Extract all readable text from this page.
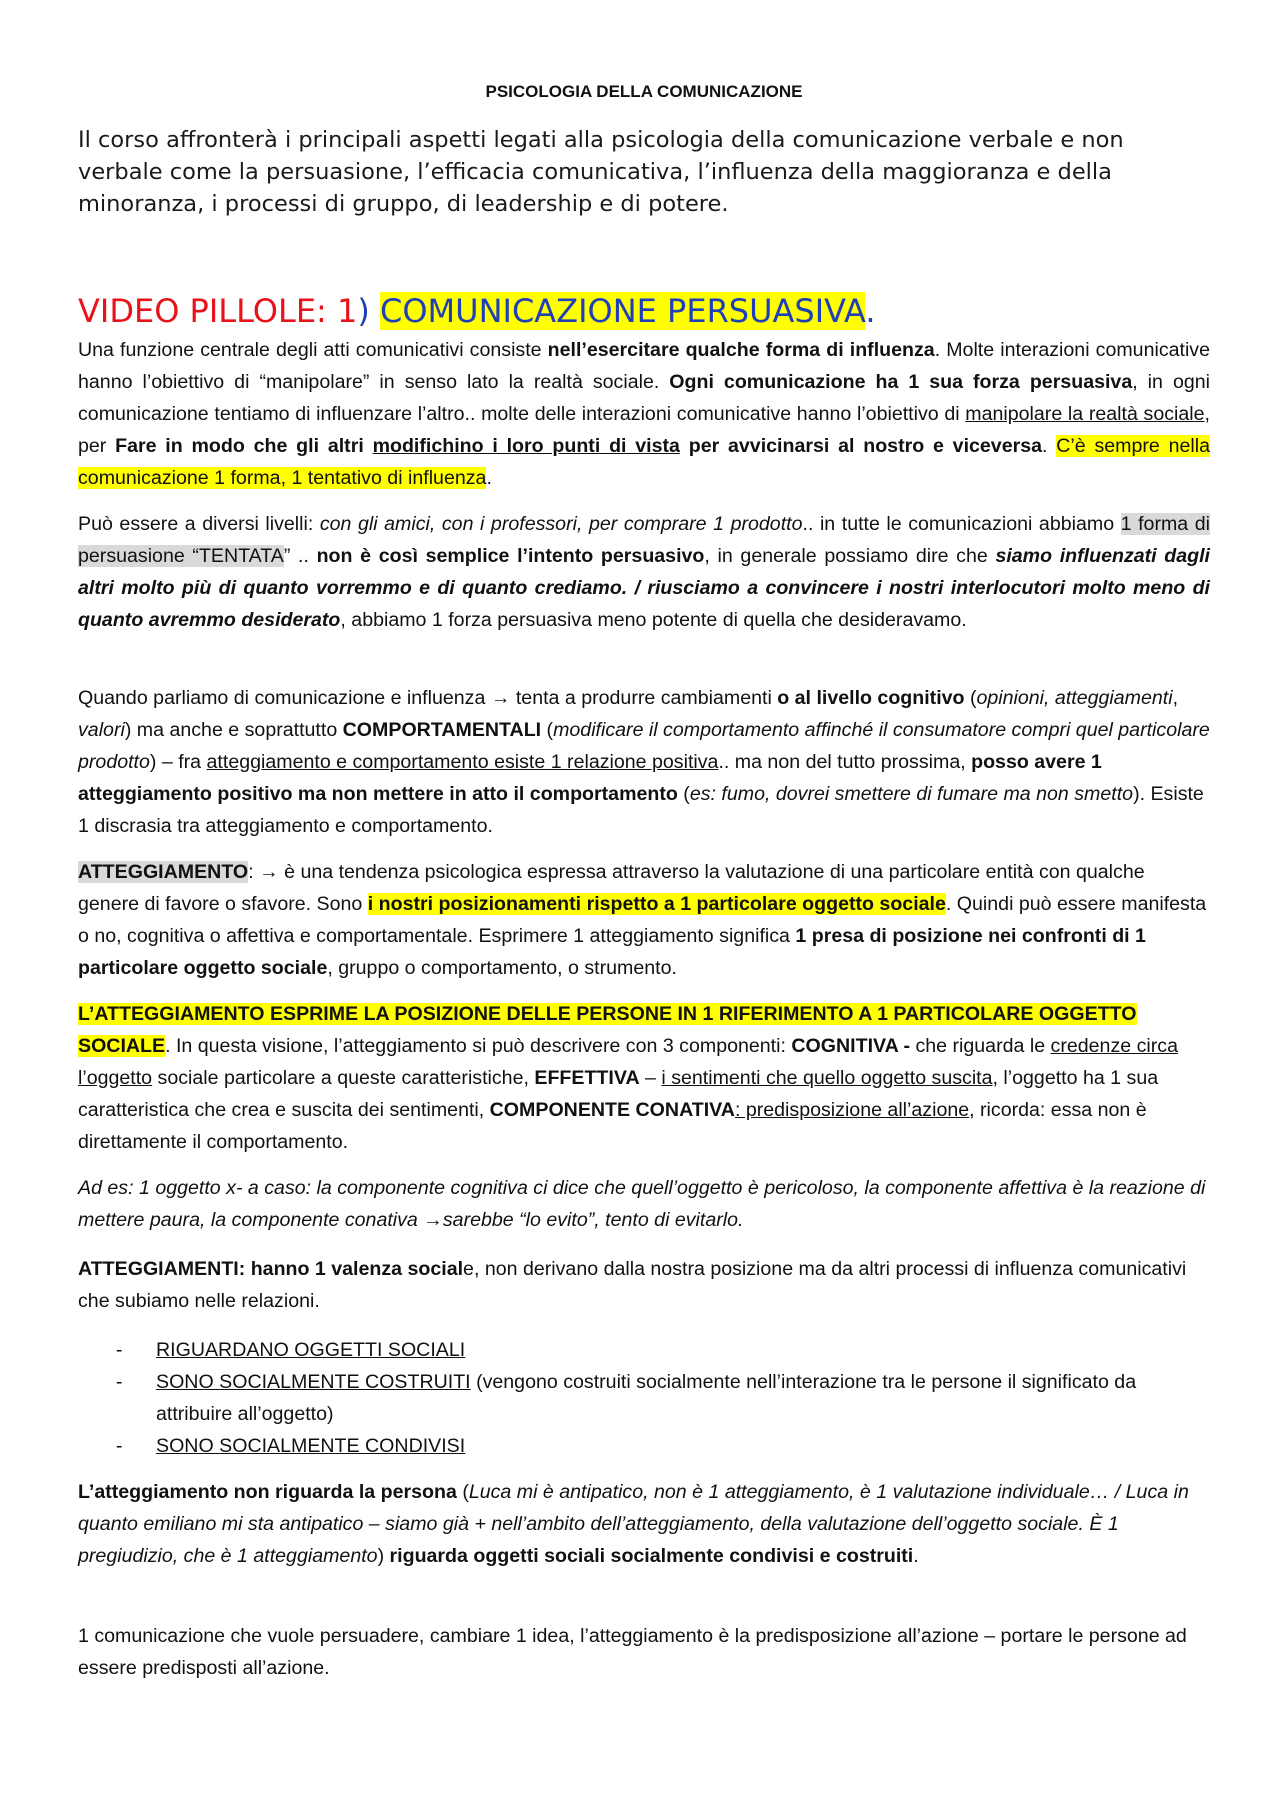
PSICOLOGIA DELLA COMUNICAZIONE
Il corso affronterà i principali aspetti legati alla psicologia della comunicazione verbale e non verbale come la persuasione, l’efficacia comunicativa, l’influenza della maggioranza e della minoranza, i processi di gruppo, di leadership e di potere.
VIDEO PILLOLE: 1) COMUNICAZIONE PERSUASIVA.

Una funzione centrale degli atti comunicativi consiste nell’esercitare qualche forma di influenza. Molte interazioni comunicative hanno l’obiettivo di “manipolare” in senso lato la realtà sociale. Ogni comunicazione ha 1 sua forza persuasiva, in ogni comunicazione tentiamo di influenzare l’altro.. molte delle interazioni comunicative hanno l’obiettivo di manipolare la realtà sociale, per Fare in modo che gli altri modifichino i loro punti di vista per avvicinarsi al nostro e viceversa. C’è sempre nella comunicazione 1 forma, 1 tentativo di influenza.

Può essere a diversi livelli: con gli amici, con i professori, per comprare 1 prodotto.. in tutte le comunicazioni abbiamo 1 forma di persuasione “TENTATA” .. non è così semplice l’intento persuasivo, in generale possiamo dire che siamo influenzati dagli altri molto più di quanto vorremmo e di quanto crediamo. / riusciamo a convincere i nostri interlocutori molto meno di quanto avremmo desiderato, abbiamo 1 forza persuasiva meno potente di quella che desideravamo.

Quando parliamo di comunicazione e influenza → tenta a produrre cambiamenti o al livello cognitivo (opinioni, atteggiamenti, valori) ma anche e soprattutto COMPORTAMENTALI (modificare il comportamento affinché il consumatore compri quel particolare prodotto) – fra atteggiamento e comportamento esiste 1 relazione positiva.. ma non del tutto prossima, posso avere 1 atteggiamento positivo ma non mettere in atto il comportamento (es: fumo, dovrei smettere di fumare ma non smetto). Esiste 1 discrasia tra atteggiamento e comportamento.

ATTEGGIAMENTO: → è una tendenza psicologica espressa attraverso la valutazione di una particolare entità con qualche genere di favore o sfavore. Sono i nostri posizionamenti rispetto a 1 particolare oggetto sociale. Quindi può essere manifesta o no, cognitiva o affettiva e comportamentale. Esprimere 1 atteggiamento significa 1 presa di posizione nei confronti di 1 particolare oggetto sociale, gruppo o comportamento, o strumento.

L’ATTEGGIAMENTO ESPRIME LA POSIZIONE DELLE PERSONE IN 1 RIFERIMENTO A 1 PARTICOLARE OGGETTO SOCIALE. In questa visione, l’atteggiamento si può descrivere con 3 componenti: COGNITIVA - che riguarda le credenze circa l’oggetto sociale particolare a queste caratteristiche, EFFETTIVA – i sentimenti che quello oggetto suscita, l’oggetto ha 1 sua caratteristica che crea e suscita dei sentimenti, COMPONENTE CONATIVA: predisposizione all’azione, ricorda: essa non è direttamente il comportamento.

Ad es: 1 oggetto x- a caso: la componente cognitiva ci dice che quell’oggetto è pericoloso, la componente affettiva è la reazione di mettere paura, la componente conativa →sarebbe “lo evito”, tento di evitarlo.

ATTEGGIAMENTI: hanno 1 valenza sociale, non derivano dalla nostra posizione ma da altri processi di influenza comunicativi che subiamo nelle relazioni.

- RIGUARDANO OGGETTI SOCIALI
- SONO SOCIALMENTE COSTRUITI (vengono costruiti socialmente nell’interazione tra le persone il significato da attribuire all’oggetto)
- SONO SOCIALMENTE CONDIVISI

L’atteggiamento non riguarda la persona (Luca mi è antipatico, non è 1 atteggiamento, è 1 valutazione individuale… / Luca in quanto emiliano mi sta antipatico – siamo già + nell’ambito dell’atteggiamento, della valutazione dell’oggetto sociale. È 1 pregiudizio, che è 1 atteggiamento) riguarda oggetti sociali socialmente condivisi e costruiti.

1 comunicazione che vuole persuadere, cambiare 1 idea, l’atteggiamento è la predisposizione all’azione – portare le persone ad essere predisposti all’azione.
